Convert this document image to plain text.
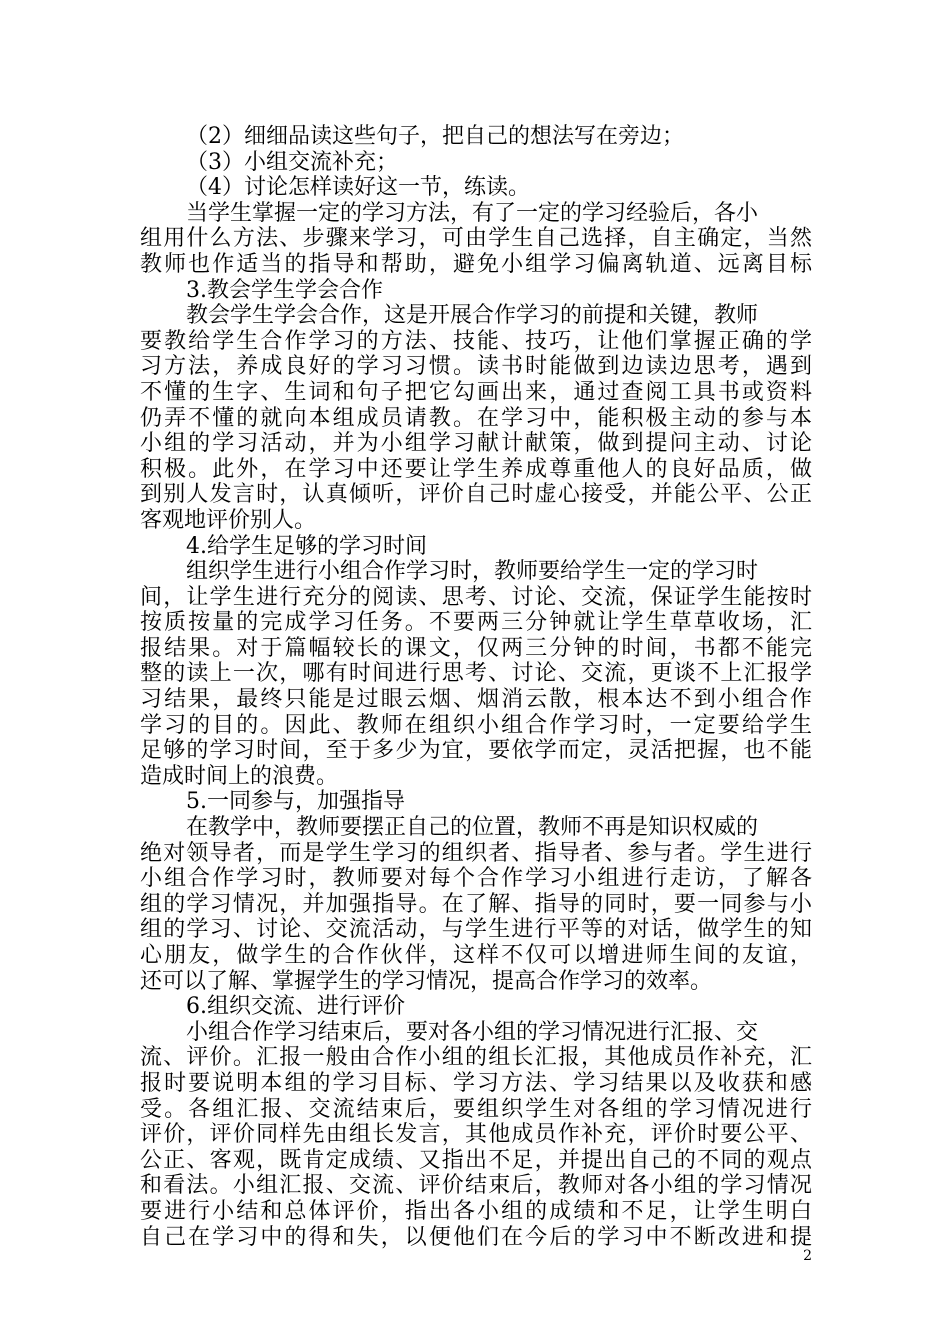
（2）细细品读这些句子，把自己的想法写在旁边；
（3）小组交流补充；
（4）讨论怎样读好这一节，练读。
当学生掌握一定的学习方法，有了一定的学习经验后，各小
组用什么方法、步骤来学习，可由学生自己选择，自主确定，当然
教师也作适当的指导和帮助，避免小组学习偏离轨道、远离目标
3.教会学生学会合作
教会学生学会合作，这是开展合作学习的前提和关键，教师
要教给学生合作学习的方法、技能、技巧，让他们掌握正确的学
习方法，养成良好的学习习惯。读书时能做到边读边思考，遇到
不懂的生字、生词和句子把它勾画出来，通过查阅工具书或资料
仍弄不懂的就向本组成员请教。在学习中，能积极主动的参与本
小组的学习活动，并为小组学习献计献策，做到提问主动、讨论
积极。此外，在学习中还要让学生养成尊重他人的良好品质，做
到别人发言时，认真倾听，评价自己时虚心接受，并能公平、公正
客观地评价别人。
4.给学生足够的学习时间
组织学生进行小组合作学习时，教师要给学生一定的学习时
间，让学生进行充分的阅读、思考、讨论、交流，保证学生能按时
按质按量的完成学习任务。不要两三分钟就让学生草草收场，汇
报结果。对于篇幅较长的课文，仅两三分钟的时间，书都不能完
整的读上一次，哪有时间进行思考、讨论、交流，更谈不上汇报学
习结果，最终只能是过眼云烟、烟消云散，根本达不到小组合作
学习的目的。因此、教师在组织小组合作学习时，一定要给学生
足够的学习时间，至于多少为宜，要依学而定，灵活把握，也不能
造成时间上的浪费。
5.一同参与，加强指导
在教学中，教师要摆正自己的位置，教师不再是知识权威的
绝对领导者，而是学生学习的组织者、指导者、参与者。学生进行
小组合作学习时，教师要对每个合作学习小组进行走访，了解各
组的学习情况，并加强指导。在了解、指导的同时，要一同参与小
组的学习、讨论、交流活动，与学生进行平等的对话，做学生的知
心朋友，做学生的合作伙伴，这样不仅可以增进师生间的友谊，
还可以了解、掌握学生的学习情况，提高合作学习的效率。
6.组织交流、进行评价
小组合作学习结束后，要对各小组的学习情况进行汇报、交
流、评价。汇报一般由合作小组的组长汇报，其他成员作补充，汇
报时要说明本组的学习目标、学习方法、学习结果以及收获和感
受。各组汇报、交流结束后，要组织学生对各组的学习情况进行
评价，评价同样先由组长发言，其他成员作补充，评价时要公平、
公正、客观，既肯定成绩、又指出不足，并提出自己的不同的观点
和看法。小组汇报、交流、评价结束后，教师对各小组的学习情况
要进行小结和总体评价，指出各小组的成绩和不足，让学生明白
自己在学习中的得和失，以便他们在今后的学习中不断改进和提
2
